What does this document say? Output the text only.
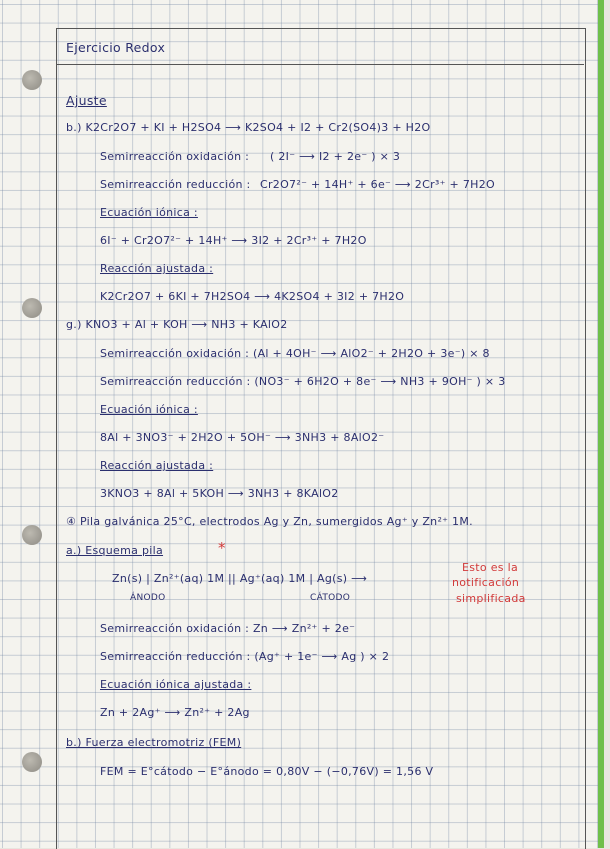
Ejercicio Redox
Ajuste
b.) K2Cr2O7 + KI + H2SO4 ⟶ K2SO4 + I2 + Cr2(SO4)3 + H2O
Semirreacción oxidación : ( 2I⁻ ⟶ I2 + 2e⁻ ) × 3
Semirreacción reducción : Cr2O7²⁻ + 14H⁺ + 6e⁻ ⟶ 2Cr³⁺ + 7H2O
Ecuación iónica :
6I⁻ + Cr2O7²⁻ + 14H⁺ ⟶ 3I2 + 2Cr³⁺ + 7H2O
Reacción ajustada :
K2Cr2O7 + 6KI + 7H2SO4 ⟶ 4K2SO4 + 3I2 + 7H2O
g.) KNO3 + Al + KOH ⟶ NH3 + KAlO2
Semirreacción oxidación : (Al + 4OH⁻ ⟶ AlO2⁻ + 2H2O + 3e⁻) × 8
Semirreacción reducción : (NO3⁻ + 6H2O + 8e⁻ ⟶ NH3 + 9OH⁻ ) × 3
Ecuación iónica :
8Al + 3NO3⁻ + 2H2O + 5OH⁻ ⟶ 3NH3 + 8AlO2⁻
Reacción ajustada :
3KNO3 + 8Al + 5KOH ⟶ 3NH3 + 8KAlO2
④ Pila galvánica 25°C, electrodos Ag y Zn, sumergidos Ag⁺ y Zn²⁺ 1M.
a.) Esquema pila	*
Zn(s) | Zn²⁺(aq) 1M || Ag⁺(aq) 1M | Ag(s) ⟶
ÁNODO	CÁTODO
Esto es la
notificación
simplificada
Semirreacción oxidación : Zn ⟶ Zn²⁺ + 2e⁻
Semirreacción reducción : (Ag⁺ + 1e⁻ ⟶ Ag ) × 2
Ecuación iónica ajustada :
Zn + 2Ag⁺ ⟶ Zn²⁺ + 2Ag
b.) Fuerza electromotriz (FEM)
FEM = E°cátodo − E°ánodo = 0,80V − (−0,76V) = 1,56 V
